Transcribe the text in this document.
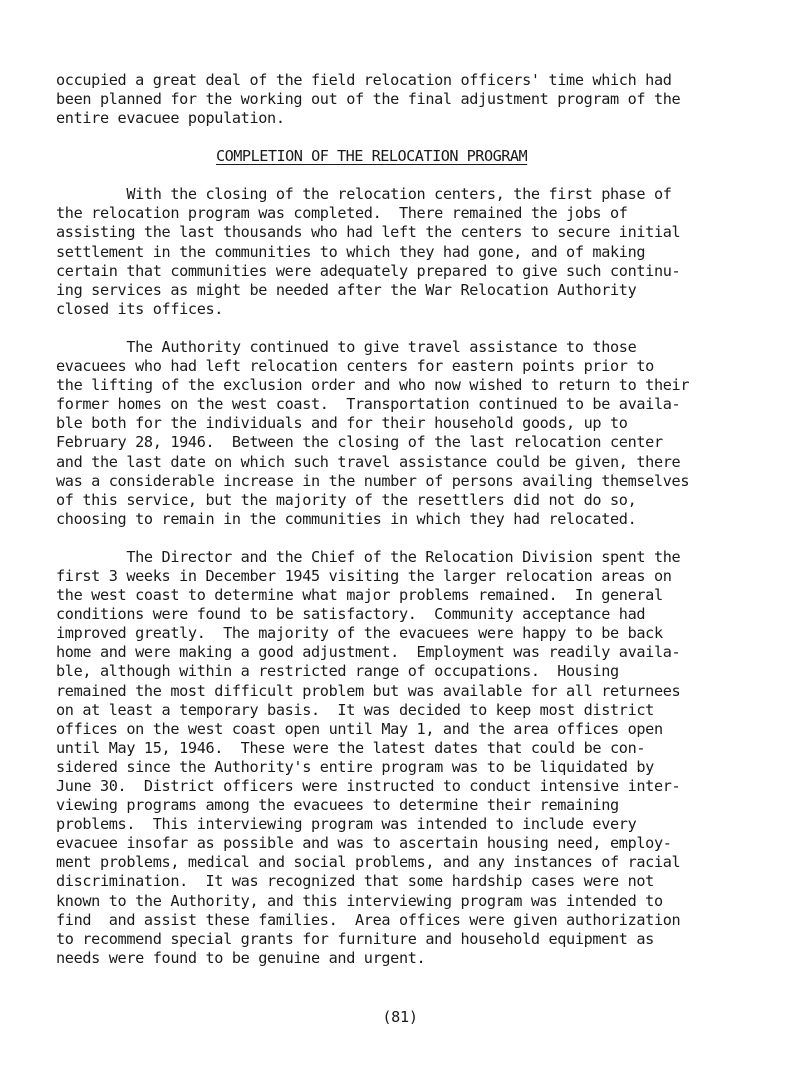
occupied a great deal of the field relocation officers' time which had
been planned for the working out of the final adjustment program of the
entire evacuee population.
COMPLETION OF THE RELOCATION PROGRAM
With the closing of the relocation centers, the first phase of
the relocation program was completed.  There remained the jobs of
assisting the last thousands who had left the centers to secure initial
settlement in the communities to which they had gone, and of making
certain that communities were adequately prepared to give such continu-
ing services as might be needed after the War Relocation Authority
closed its offices.
The Authority continued to give travel assistance to those
evacuees who had left relocation centers for eastern points prior to
the lifting of the exclusion order and who now wished to return to their
former homes on the west coast.  Transportation continued to be availa-
ble both for the individuals and for their household goods, up to
February 28, 1946.  Between the closing of the last relocation center
and the last date on which such travel assistance could be given, there
was a considerable increase in the number of persons availing themselves
of this service, but the majority of the resettlers did not do so,
choosing to remain in the communities in which they had relocated.
The Director and the Chief of the Relocation Division spent the
first 3 weeks in December 1945 visiting the larger relocation areas on
the west coast to determine what major problems remained.  In general
conditions were found to be satisfactory.  Community acceptance had
improved greatly.  The majority of the evacuees were happy to be back
home and were making a good adjustment.  Employment was readily availa-
ble, although within a restricted range of occupations.  Housing
remained the most difficult problem but was available for all returnees
on at least a temporary basis.  It was decided to keep most district
offices on the west coast open until May 1, and the area offices open
until May 15, 1946.  These were the latest dates that could be con-
sidered since the Authority's entire program was to be liquidated by
June 30.  District officers were instructed to conduct intensive inter-
viewing programs among the evacuees to determine their remaining
problems.  This interviewing program was intended to include every
evacuee insofar as possible and was to ascertain housing need, employ-
ment problems, medical and social problems, and any instances of racial
discrimination.  It was recognized that some hardship cases were not
known to the Authority, and this interviewing program was intended to
find  and assist these families.  Area offices were given authorization
to recommend special grants for furniture and household equipment as
needs were found to be genuine and urgent.
(81)
